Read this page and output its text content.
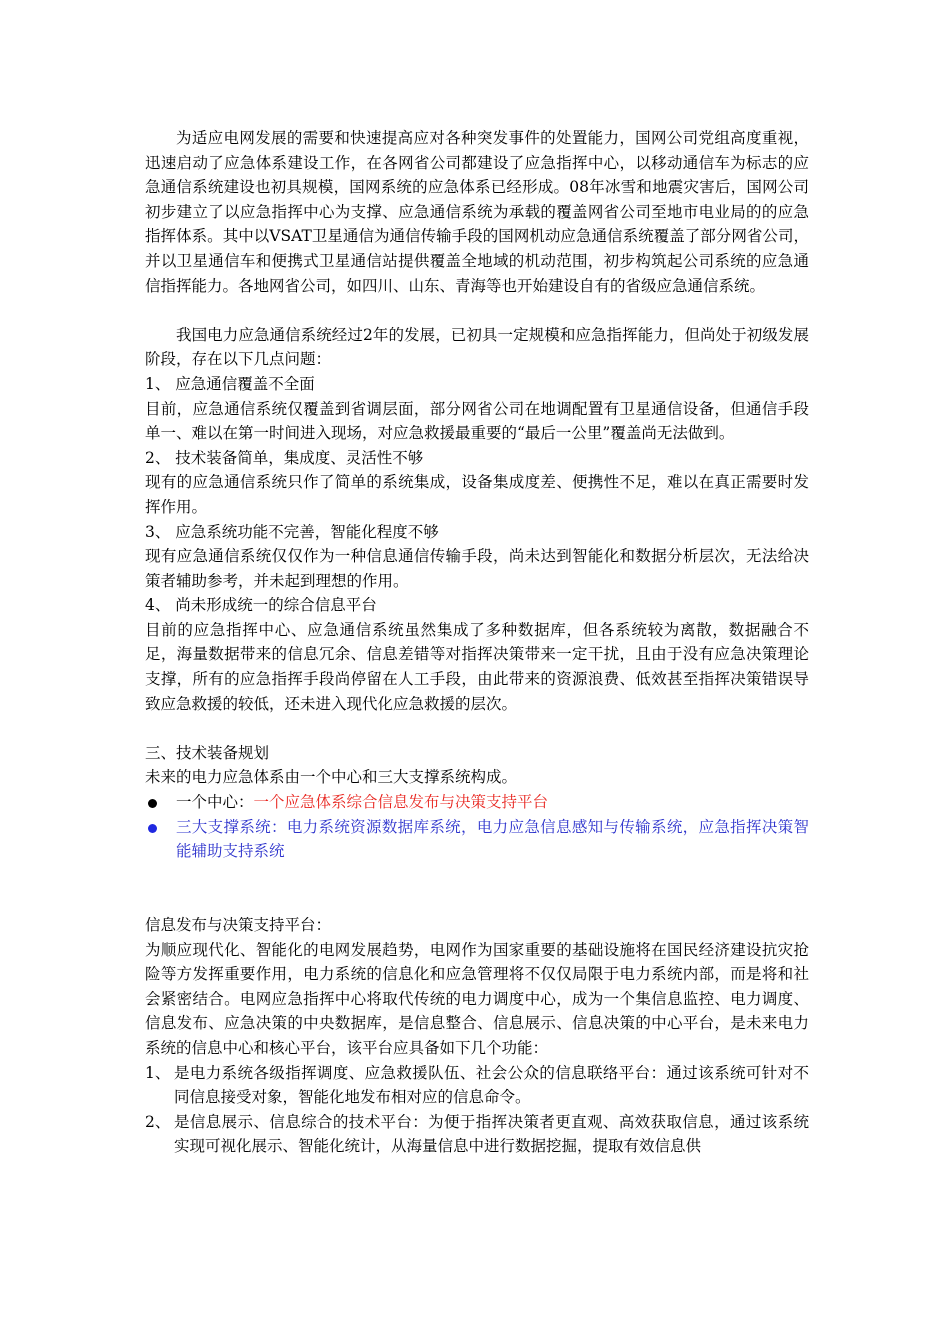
为适应电网发展的需要和快速提高应对各种突发事件的处置能力，国网公司党组高度重视，迅速启动了应急体系建设工作，在各网省公司都建设了应急指挥中心，以移动通信车为标志的应急通信系统建设也初具规模，国网系统的应急体系已经形成。08年冰雪和地震灾害后，国网公司初步建立了以应急指挥中心为支撑、应急通信系统为承载的覆盖网省公司至地市电业局的的应急指挥体系。其中以VSAT卫星通信为通信传输手段的国网机动应急通信系统覆盖了部分网省公司，并以卫星通信车和便携式卫星通信站提供覆盖全地域的机动范围，初步构筑起公司系统的应急通信指挥能力。各地网省公司，如四川、山东、青海等也开始建设自有的省级应急通信系统。

我国电力应急通信系统经过2年的发展，已初具一定规模和应急指挥能力，但尚处于初级发展阶段，存在以下几点问题：

1、 应急通信覆盖不全面

目前，应急通信系统仅覆盖到省调层面，部分网省公司在地调配置有卫星通信设备，但通信手段单一、难以在第一时间进入现场，对应急救援最重要的“最后一公里”覆盖尚无法做到。

2、 技术装备简单，集成度、灵活性不够

现有的应急通信系统只作了简单的系统集成，设备集成度差、便携性不足，难以在真正需要时发挥作用。

3、 应急系统功能不完善，智能化程度不够

现有应急通信系统仅仅作为一种信息通信传输手段，尚未达到智能化和数据分析层次，无法给决策者辅助参考，并未起到理想的作用。

4、 尚未形成统一的综合信息平台

目前的应急指挥中心、应急通信系统虽然集成了多种数据库，但各系统较为离散，数据融合不足，海量数据带来的信息冗余、信息差错等对指挥决策带来一定干扰，且由于没有应急决策理论支撑，所有的应急指挥手段尚停留在人工手段，由此带来的资源浪费、低效甚至指挥决策错误导致应急救援的较低，还未进入现代化应急救援的层次。

三、技术装备规划

未来的电力应急体系由一个中心和三大支撑系统构成。

一个中心：一个应急体系综合信息发布与决策支持平台
三大支撑系统：电力系统资源数据库系统，电力应急信息感知与传输系统，应急指挥决策智能辅助支持系统

信息发布与决策支持平台：

为顺应现代化、智能化的电网发展趋势，电网作为国家重要的基础设施将在国民经济建设抗灾抢险等方发挥重要作用，电力系统的信息化和应急管理将不仅仅局限于电力系统内部，而是将和社会紧密结合。电网应急指挥中心将取代传统的电力调度中心，成为一个集信息监控、电力调度、信息发布、应急决策的中央数据库，是信息整合、信息展示、信息决策的中心平台，是未来电力系统的信息中心和核心平台，该平台应具备如下几个功能：

1、 是电力系统各级指挥调度、应急救援队伍、社会公众的信息联络平台：通过该系统可针对不同信息接受对象，智能化地发布相对应的信息命令。
2、 是信息展示、信息综合的技术平台：为便于指挥决策者更直观、高效获取信息，通过该系统实现可视化展示、智能化统计，从海量信息中进行数据挖掘，提取有效信息供
